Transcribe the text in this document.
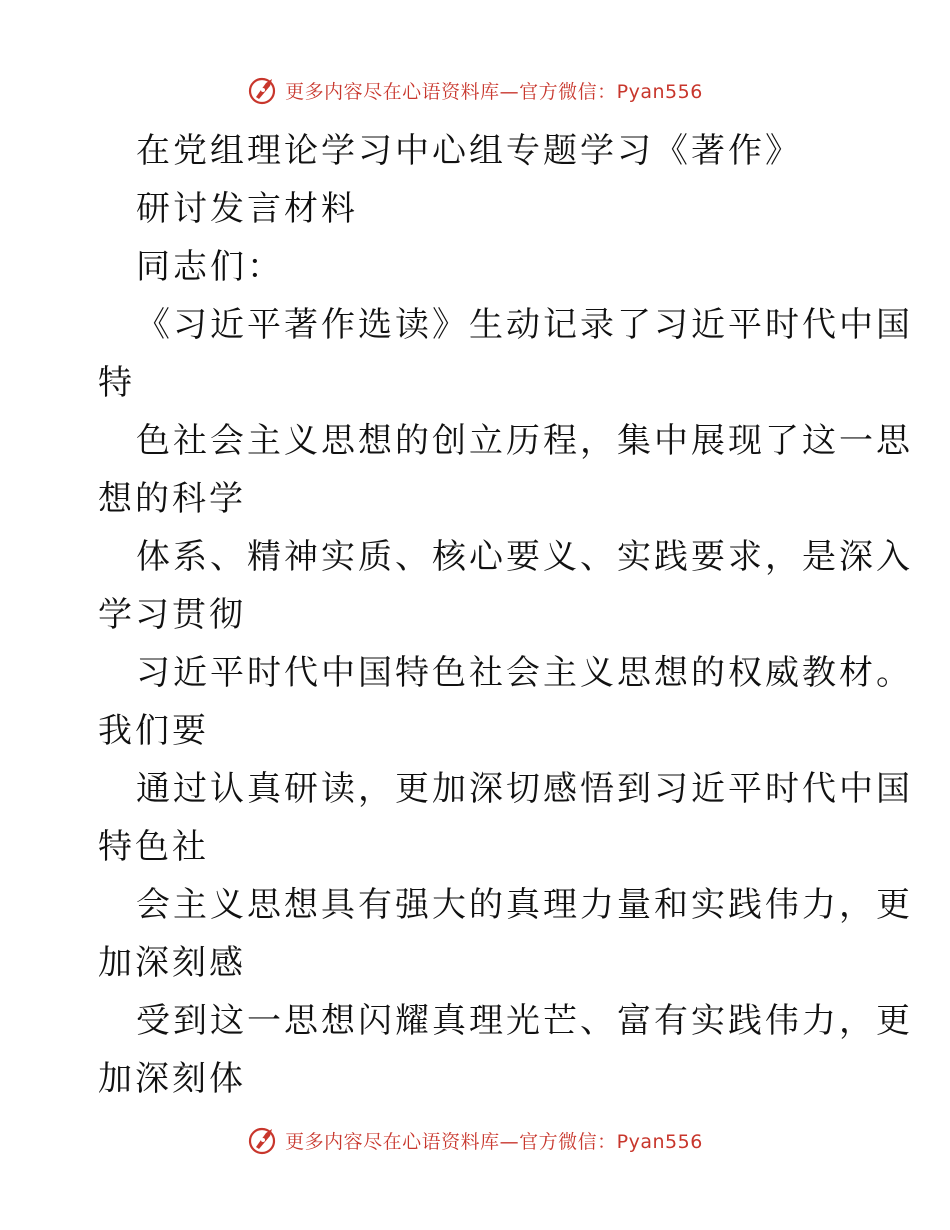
更多内容尽在心语资料库—官方微信：Pyan556
在党组理论学习中心组专题学习《著作》
研讨发言材料
同志们：
《习近平著作选读》生动记录了习近平时代中国
特
色社会主义思想的创立历程，集中展现了这一思
想的科学
体系、精神实质、核心要义、实践要求，是深入
学习贯彻
习近平时代中国特色社会主义思想的权威教材。
我们要
通过认真研读，更加深切感悟到习近平时代中国
特色社
会主义思想具有强大的真理力量和实践伟力，更
加深刻感
受到这一思想闪耀真理光芒、富有实践伟力，更
加深刻体
更多内容尽在心语资料库—官方微信：Pyan556
